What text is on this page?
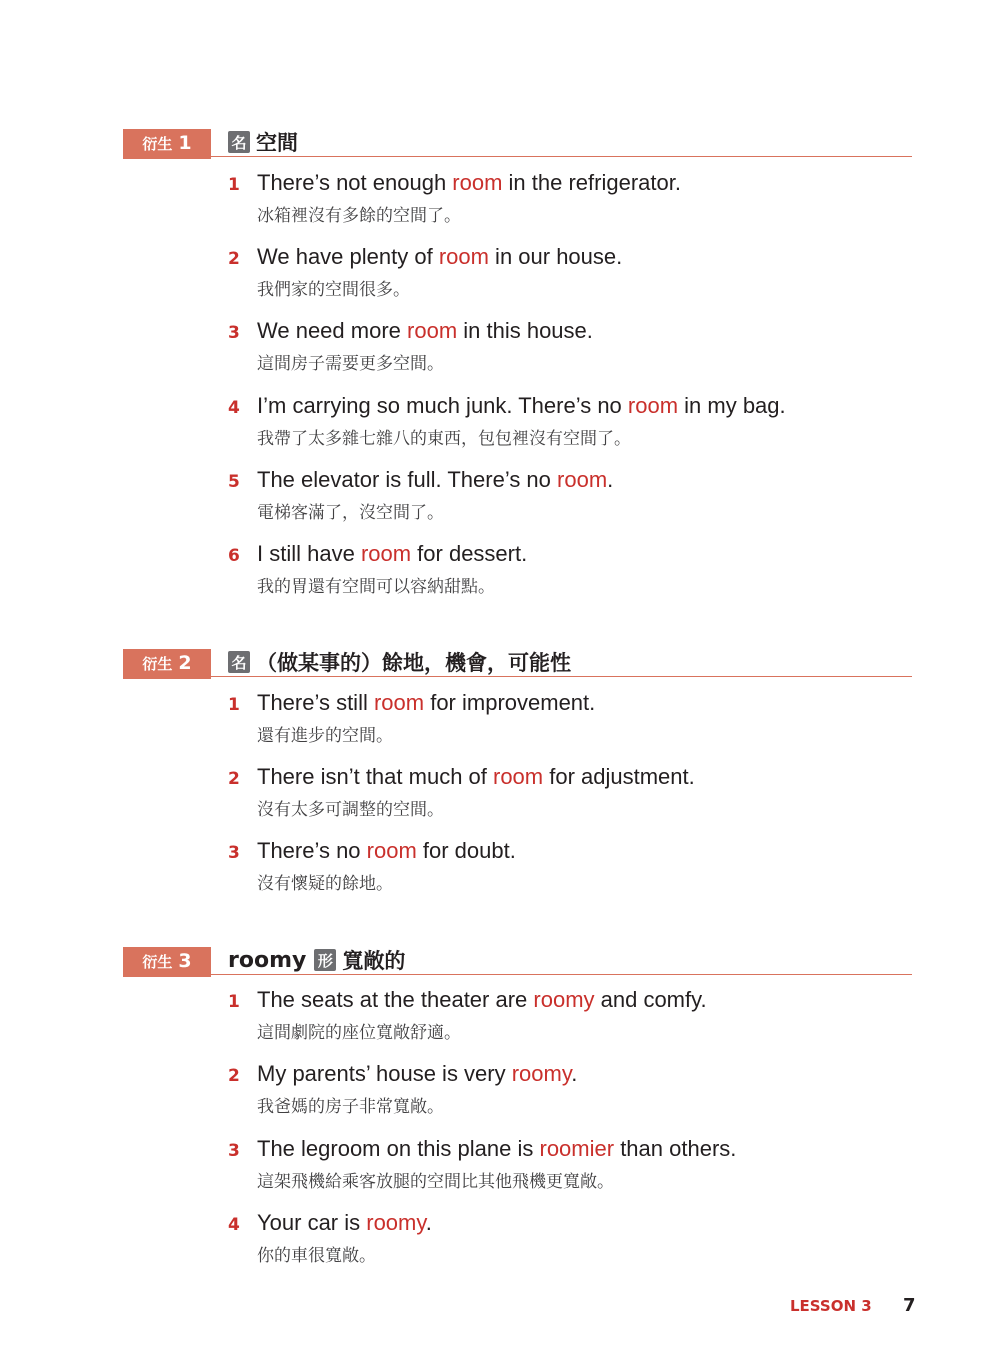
衍生 1	名 空間
1 There’s not enough room in the refrigerator.
冰箱裡沒有多餘的空間了。
2 We have plenty of room in our house.
我們家的空間很多。
3 We need more room in this house.
這間房子需要更多空間。
4 I’m carrying so much junk. There’s no room in my bag.
我帶了太多雜七雜八的東西，包包裡沒有空間了。
5 The elevator is full. There’s no room.
電梯客滿了，沒空間了。
6 I still have room for dessert.
我的胃還有空間可以容納甜點。
衍生 2	名 （做某事的）餘地，機會，可能性
1 There’s still room for improvement.
還有進步的空間。
2 There isn’t that much of room for adjustment.
沒有太多可調整的空間。
3 There’s no room for doubt.
沒有懷疑的餘地。
衍生 3 roomy 形 寬敞的
1 The seats at the theater are roomy and comfy.
這間劇院的座位寬敞舒適。
2 My parents’ house is very roomy.
我爸媽的房子非常寬敞。
3 The legroom on this plane is roomier than others.
這架飛機給乘客放腿的空間比其他飛機更寬敞。
4 Your car is roomy.
你的車很寬敞。
LESSON 3 7
